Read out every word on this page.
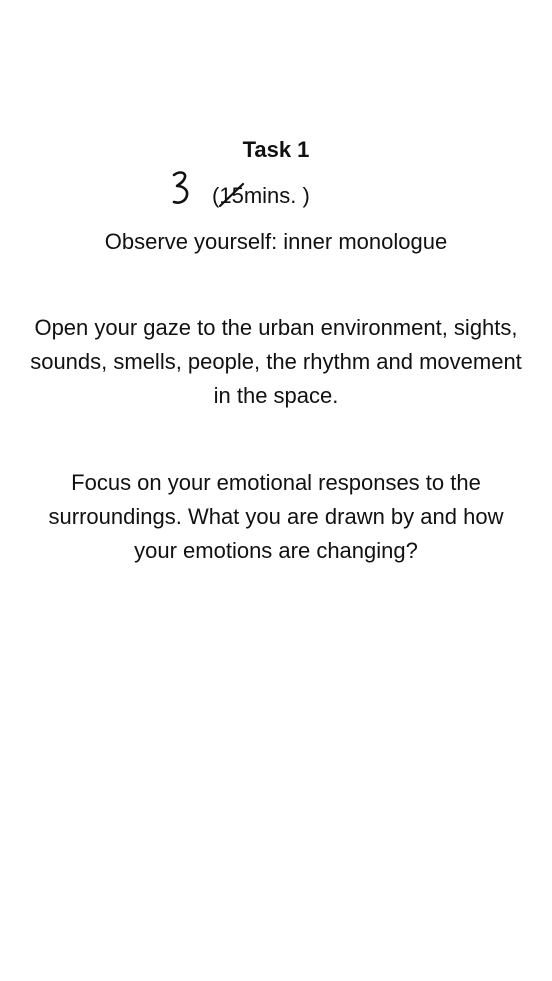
Task 1
(15
mins. )
Observe yourself: inner monologue
Open your gaze to the urban environment, sights, sounds, smells, people, the rhythm and movement in the space.
Focus on your emotional responses to the surroundings. What you are drawn by and how your emotions are changing?
